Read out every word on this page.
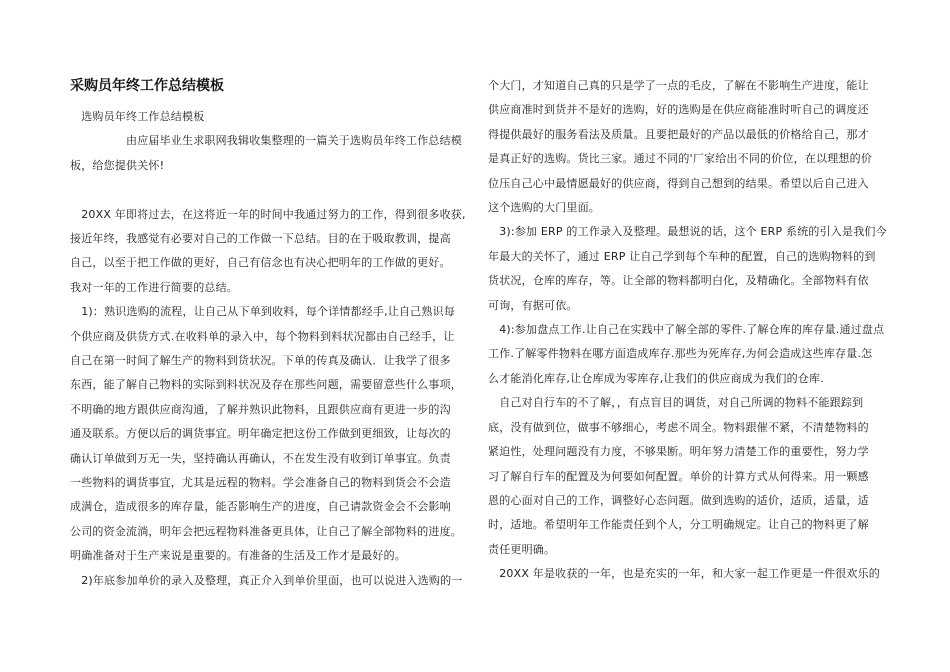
采购员年终工作总结模板

　选购员年终工作总结模板

　　　　　由应届毕业生求职网我辑收集整理的一篇关于选购员年终工作总结模

板，给您提供关怀!

　20XX 年即将过去，在这将近一年的时间中我通过努力的工作，得到很多收获,

接近年终，我感觉有必要对自己的工作做一下总结。目的在于吸取教训，提高

自己，以至于把工作做的更好，自己有信念也有决心把明年的工作做的更好。

我对一年的工作进行简要的总结。

　1)：熟识选购的流程，让自己从下单到收料，每个详情都经手,让自己熟识每

个供应商及供货方式.在收料单的录入中，每个物料到料状况都由自己经手，让

自己在第一时间了解生产的物料到货状况。下单的传真及确认．让我学了很多

东西，能了解自己物料的实际到料状况及存在那些问题，需要留意些什么事项，

不明确的地方跟供应商沟通，了解并熟识此物料，且跟供应商有更进一步的沟

通及联系。方便以后的调货事宜。明年确定把这份工作做到更细致，让每次的

确认订单做到万无一失，坚持确认再确认，不在发生没有收到订单事宜。负责

一些物料的调货事宜，尤其是远程的物料。学会准备自己的物料到货会不会造

成满仓，造成很多的库存量，能否影响生产的进度，自己请款资金会不会影响

公司的资金流淌，明年会把远程物料准备更具体，让自己了解全部物料的进度。

明确准备对于生产来说是重要的。有准备的生活及工作才是最好的。

　2)年底参加单价的录入及整理，真正介入到单价里面，也可以说进入选购的一

个大门，才知道自己真的只是学了一点的毛皮，了解在不影响生产进度，能让

供应商准时到货并不是好的选购，好的选购是在供应商能准时听自己的调度还

得提供最好的服务看法及质量。且要把最好的产品以最低的价格给自己，那才

是真正好的选购。货比三家。通过不同的'厂家给出不同的价位，在以理想的价

位压自己心中最情愿最好的供应商，得到自己想到的结果。希望以后自己进入

这个选购的大门里面。

　3):参加 ERP 的工作录入及整理。最想说的话，这个 ERP 系统的引入是我们今

年最大的关怀了，通过 ERP 让自己学到每个车种的配置，自己的选购物料的到

货状况，仓库的库存，等。让全部的物料都明白化，及精确化。全部物料有依

可询，有据可依。

　4):参加盘点工作.让自己在实践中了解全部的零件.了解仓库的库存量.通过盘点

工作.了解零件物料在哪方面造成库存.那些为死库存,为何会造成这些库存量.怎

么才能消化库存,让仓库成为零库存,让我们的供应商成为我们的仓库.

　自己对自行车的不了解，，有点盲目的调货，对自己所调的物料不能跟踪到

底，没有做到位，做事不够细心，考虑不周全。物料跟催不紧，不清楚物料的

紧迫性，处理问题没有力度，不够果断。明年努力清楚工作的重要性，努力学

习了解自行车的配置及为何要如何配置。单价的计算方式从何得来。用一颗感

恩的心面对自己的工作，调整好心态问题。做到选购的适价，适质，适量，适

时，适地。希望明年工作能责任到个人，分工明确规定。让自己的物料更了解

责任更明确。

　20XX 年是收获的一年，也是充实的一年，和大家一起工作更是一件很欢乐的
